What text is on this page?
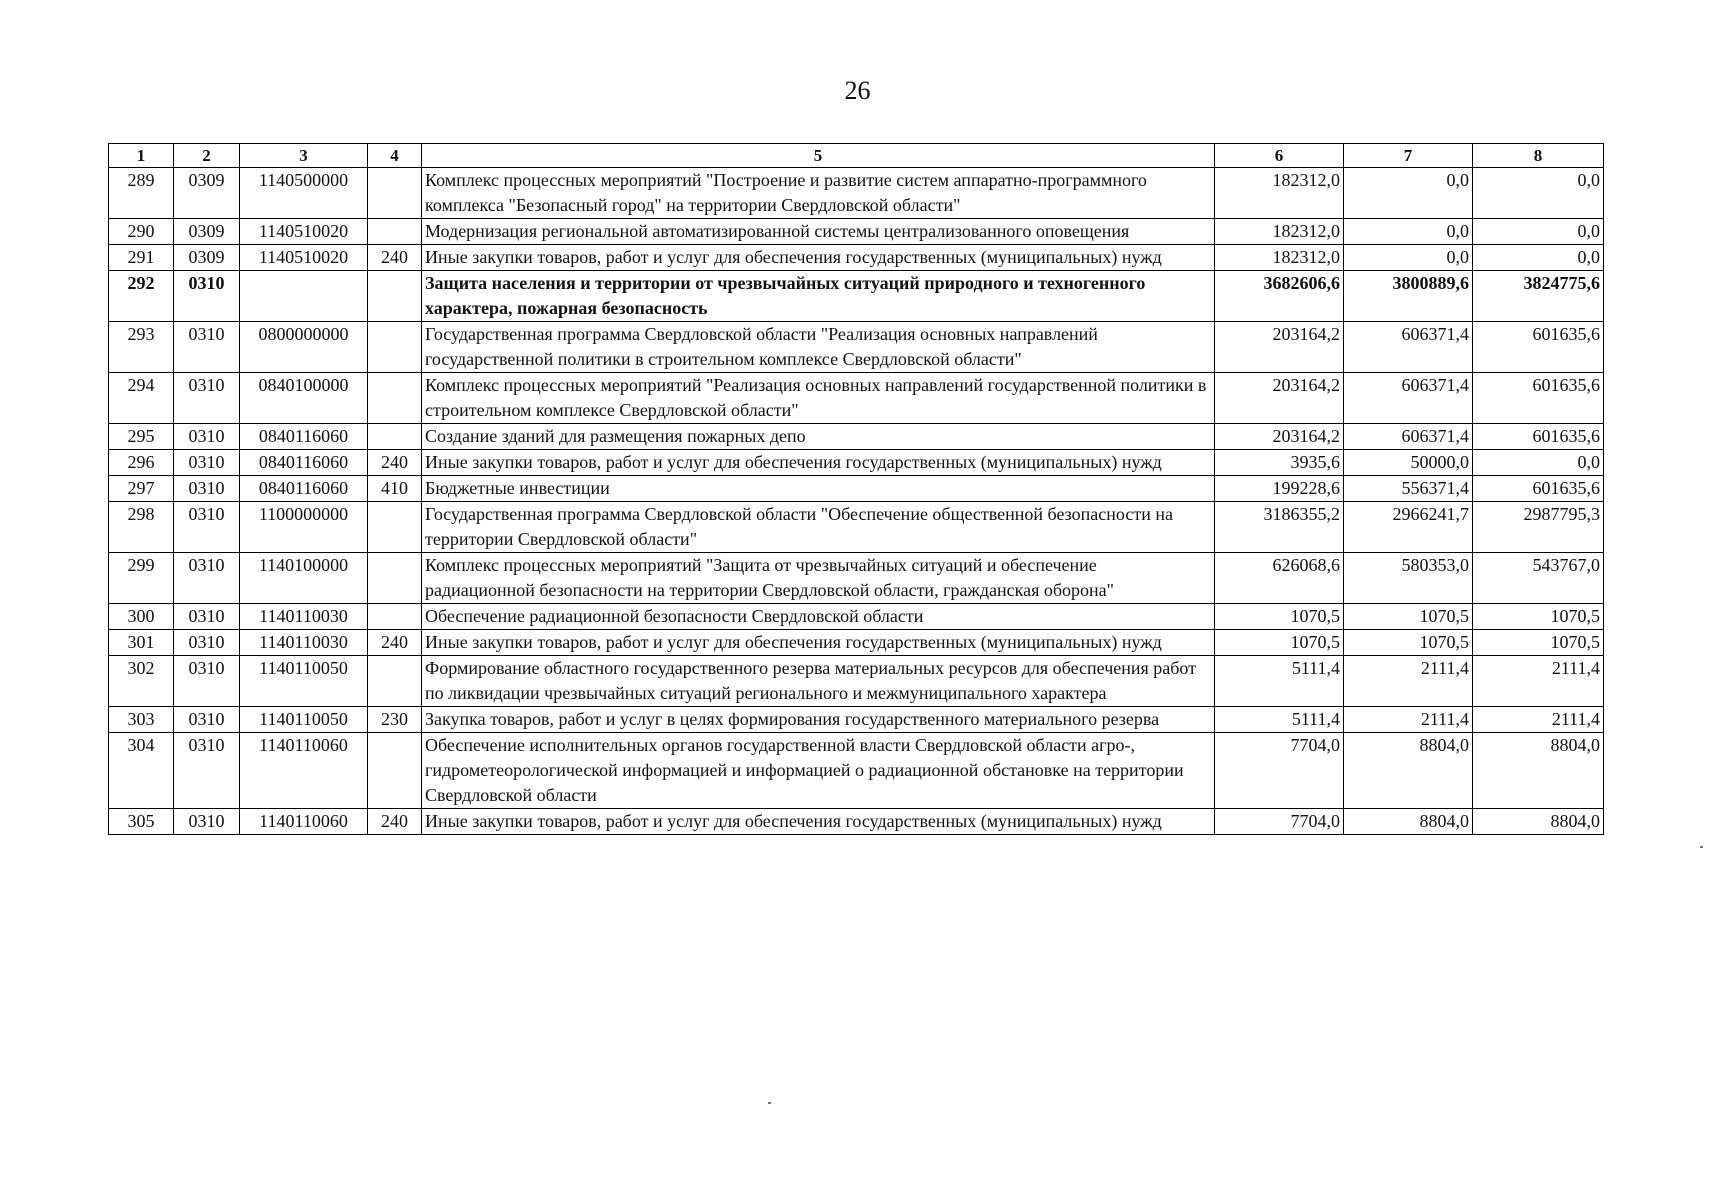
26
1	2	3	4	5	6	7	8
289	0309	1140500000		Комплекс процессных мероприятий "Построение и развитие систем аппаратно-программного комплекса "Безопасный город" на территории Свердловской области"	182312,0	0,0	0,0
290	0309	1140510020		Модернизация региональной автоматизированной системы централизованного оповещения	182312,0	0,0	0,0
291	0309	1140510020	240	Иные закупки товаров, работ и услуг для обеспечения государственных (муниципальных) нужд	182312,0	0,0	0,0
292	0310			Защита населения и территории от чрезвычайных ситуаций природного и техногенного характера, пожарная безопасность	3682606,6	3800889,6	3824775,6
293	0310	0800000000		Государственная программа Свердловской области "Реализация основных направлений государственной политики в строительном комплексе Свердловской области"	203164,2	606371,4	601635,6
294	0310	0840100000		Комплекс процессных мероприятий "Реализация основных направлений государственной политики в строительном комплексе Свердловской области"	203164,2	606371,4	601635,6
295	0310	0840116060		Создание зданий для размещения пожарных депо	203164,2	606371,4	601635,6
296	0310	0840116060	240	Иные закупки товаров, работ и услуг для обеспечения государственных (муниципальных) нужд	3935,6	50000,0	0,0
297	0310	0840116060	410	Бюджетные инвестиции	199228,6	556371,4	601635,6
298	0310	1100000000		Государственная программа Свердловской области "Обеспечение общественной безопасности на территории Свердловской области"	3186355,2	2966241,7	2987795,3
299	0310	1140100000		Комплекс процессных мероприятий "Защита от чрезвычайных ситуаций и обеспечение радиационной безопасности на территории Свердловской области, гражданская оборона"	626068,6	580353,0	543767,0
300	0310	1140110030		Обеспечение радиационной безопасности Свердловской области	1070,5	1070,5	1070,5
301	0310	1140110030	240	Иные закупки товаров, работ и услуг для обеспечения государственных (муниципальных) нужд	1070,5	1070,5	1070,5
302	0310	1140110050		Формирование областного государственного резерва материальных ресурсов для обеспечения работ по ликвидации чрезвычайных ситуаций регионального и межмуниципального характера	5111,4	2111,4	2111,4
303	0310	1140110050	230	Закупка товаров, работ и услуг в целях формирования государственного материального резерва	5111,4	2111,4	2111,4
304	0310	1140110060		Обеспечение исполнительных органов государственной власти Свердловской области агро-, гидрометеорологической информацией и информацией о радиационной обстановке на территории Свердловской области	7704,0	8804,0	8804,0
305	0310	1140110060	240	Иные закупки товаров, работ и услуг для обеспечения государственных (муниципальных) нужд	7704,0	8804,0	8804,0
